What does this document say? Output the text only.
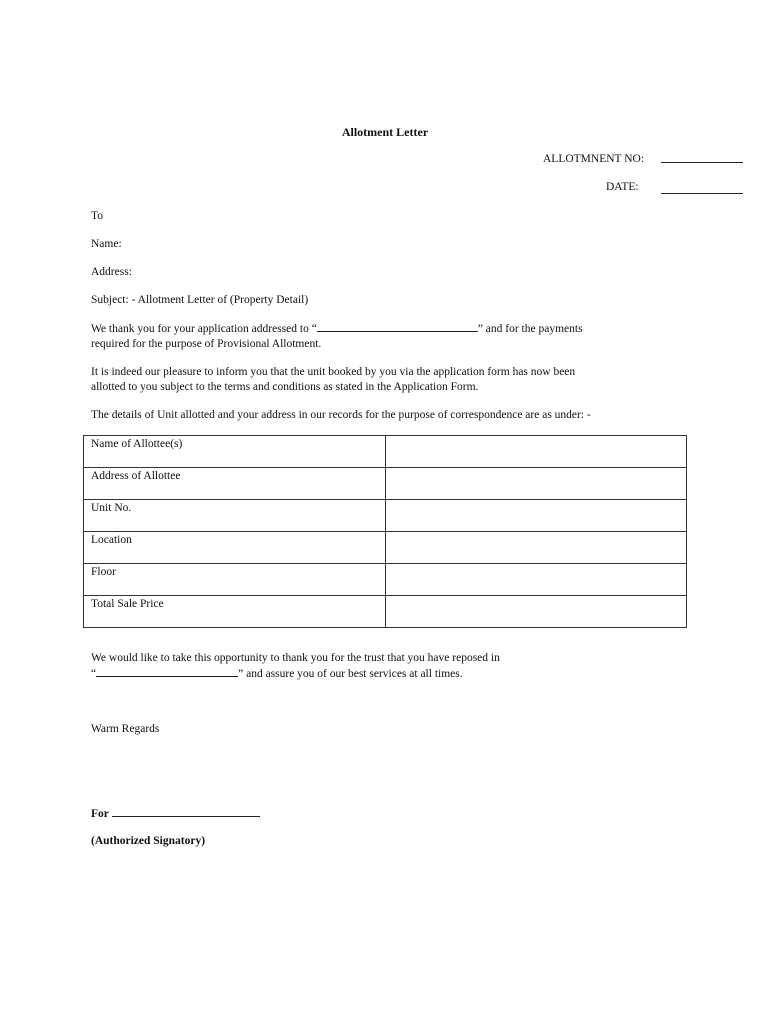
Allotment Letter
ALLOTMNENT NO:
DATE:
To
Name:
Address:
Subject: - Allotment Letter of (Property Detail)
We thank you for your application addressed to “	” and for the payments
required for the purpose of Provisional Allotment.
It is indeed our pleasure to inform you that the unit booked by you via the application form has now been
allotted to you subject to the terms and conditions as stated in the Application Form.
The details of Unit allotted and your address in our records for the purpose of correspondence are as under: -
Name of Allottee(s)	
Address of Allottee	
Unit No.	
Location	
Floor	
Total Sale Price	
We would like to take this opportunity to thank you for the trust that you have reposed in
“	” and assure you of our best services at all times.
Warm Regards
For
(Authorized Signatory)
